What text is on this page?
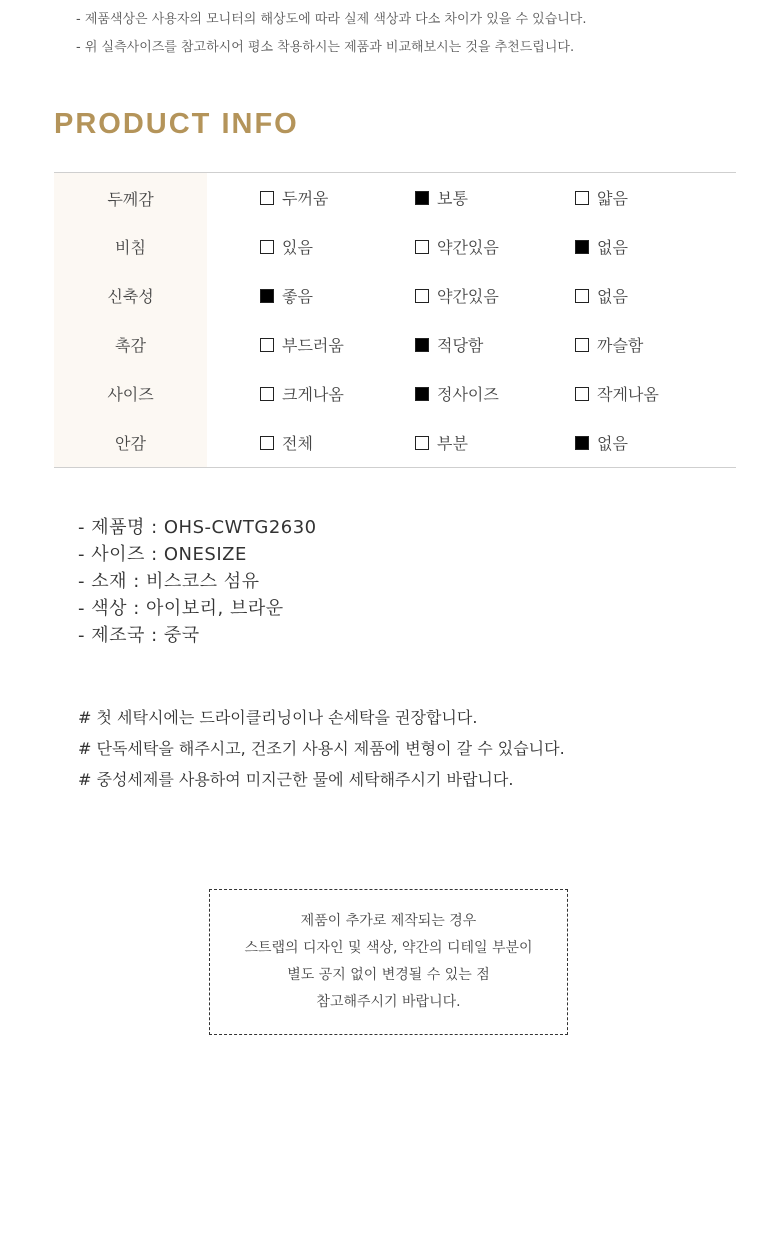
- 제품색상은 사용자의 모니터의 해상도에 따라 실제 색상과 다소 차이가 있을 수 있습니다.

- 위 실측사이즈를 참고하시어 평소 착용하시는 제품과 비교해보시는 것을 추천드립니다.

PRODUCT INFO
두께감	두꺼움	보통	얇음
비침	있음	약간있음	없음
신축성	좋음	약간있음	없음
촉감	부드러움	적당함	까슬함
사이즈	크게나옴	정사이즈	작게나옴
안감	전체	부분	없음

- 제품명 : OHS-CWTG2630

- 사이즈 : ONESIZE

- 소재 : 비스코스 섬유

- 색상 : 아이보리, 브라운

- 제조국 : 중국

# 첫 세탁시에는 드라이클리닝이나 손세탁을 권장합니다.

# 단독세탁을 해주시고, 건조기 사용시 제품에 변형이 갈 수 있습니다.

# 중성세제를 사용하여 미지근한 물에 세탁해주시기 바랍니다.

제품이 추가로 제작되는 경우

스트랩의 디자인 및 색상, 약간의 디테일 부분이

별도 공지 없이 변경될 수 있는 점

참고해주시기 바랍니다.
